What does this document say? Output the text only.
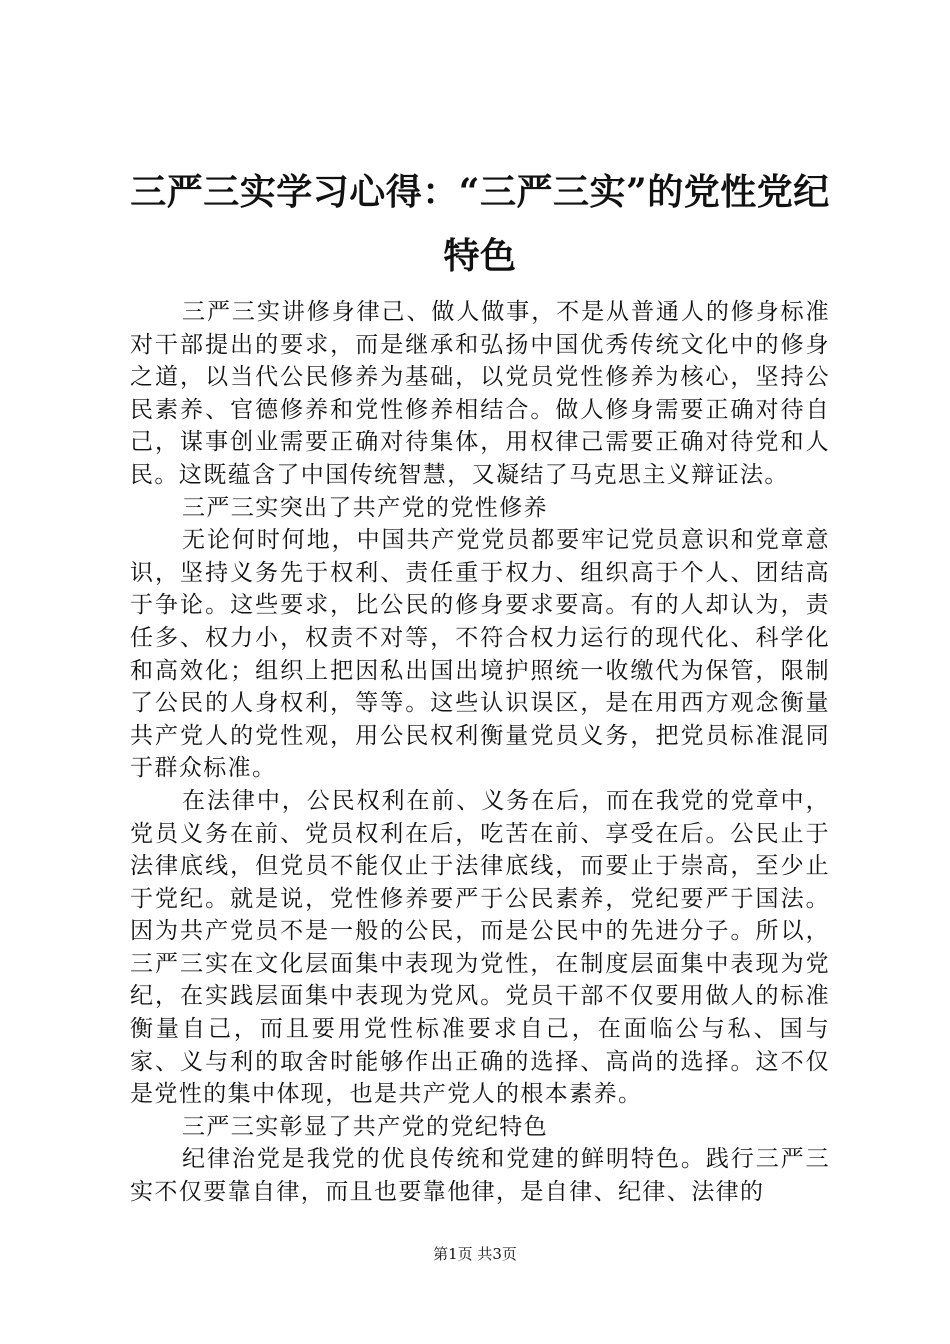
三严三实学习心得：“三严三实”的党性党纪
特色

三严三实讲修身律己、做人做事，不是从普通人的修身标准对干部提出的要求，而是继承和弘扬中国优秀传统文化中的修身之道，以当代公民修养为基础，以党员党性修养为核心，坚持公民素养、官德修养和党性修养相结合。做人修身需要正确对待自己，谋事创业需要正确对待集体，用权律己需要正确对待党和人民。这既蕴含了中国传统智慧，又凝结了马克思主义辩证法。

三严三实突出了共产党的党性修养

无论何时何地，中国共产党党员都要牢记党员意识和党章意识，坚持义务先于权利、责任重于权力、组织高于个人、团结高于争论。这些要求，比公民的修身要求要高。有的人却认为，责任多、权力小，权责不对等，不符合权力运行的现代化、科学化和高效化；组织上把因私出国出境护照统一收缴代为保管，限制了公民的人身权利，等等。这些认识误区，是在用西方观念衡量共产党人的党性观，用公民权利衡量党员义务，把党员标准混同于群众标准。

在法律中，公民权利在前、义务在后，而在我党的党章中，党员义务在前、党员权利在后，吃苦在前、享受在后。公民止于法律底线，但党员不能仅止于法律底线，而要止于崇高，至少止于党纪。就是说，党性修养要严于公民素养，党纪要严于国法。因为共产党员不是一般的公民，而是公民中的先进分子。所以，三严三实在文化层面集中表现为党性，在制度层面集中表现为党纪，在实践层面集中表现为党风。党员干部不仅要用做人的标准衡量自己，而且要用党性标准要求自己，在面临公与私、国与家、义与利的取舍时能够作出正确的选择、高尚的选择。这不仅是党性的集中体现，也是共产党人的根本素养。

三严三实彰显了共产党的党纪特色

纪律治党是我党的优良传统和党建的鲜明特色。践行三严三实不仅要靠自律，而且也要靠他律，是自律、纪律、法律的

第1页 共3页
